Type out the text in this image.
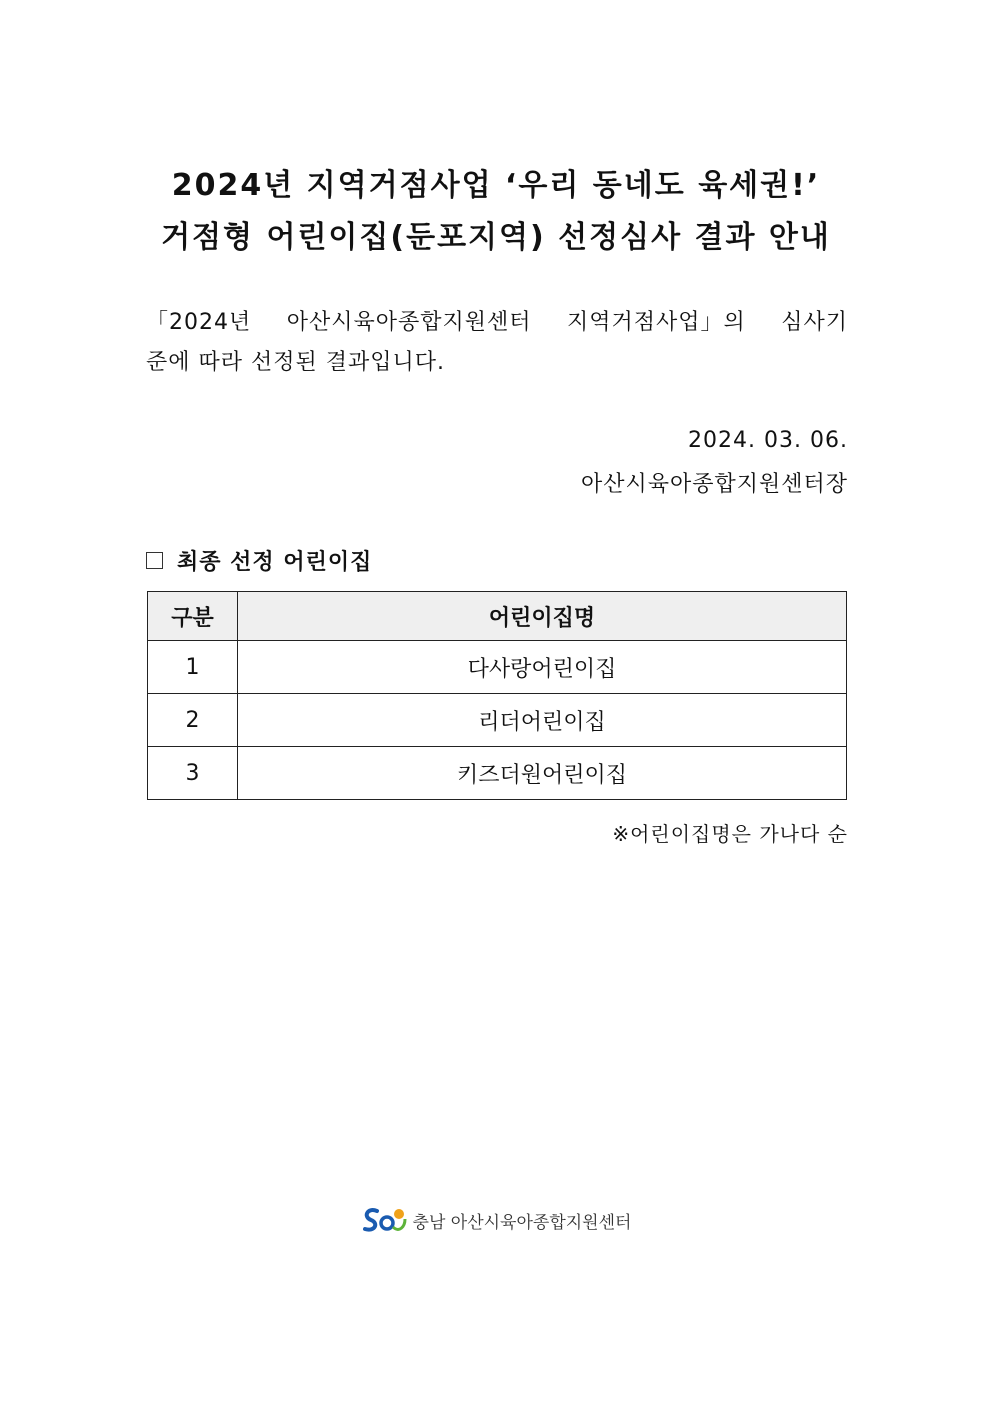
2024년 지역거점사업 ‘우리 동네도 육세권!’
거점형 어린이집(둔포지역) 선정심사 결과 안내
「2024년 아산시육아종합지원센터 지역거점사업」의 심사기
준에 따라 선정된 결과입니다.
2024. 03. 06.
아산시육아종합지원센터장
최종 선정 어린이집
구분	어린이집명
1	다사랑어린이집
2	리더어린이집
3	키즈더원어린이집
※어린이집명은 가나다 순
충남 아산시육아종합지원센터
